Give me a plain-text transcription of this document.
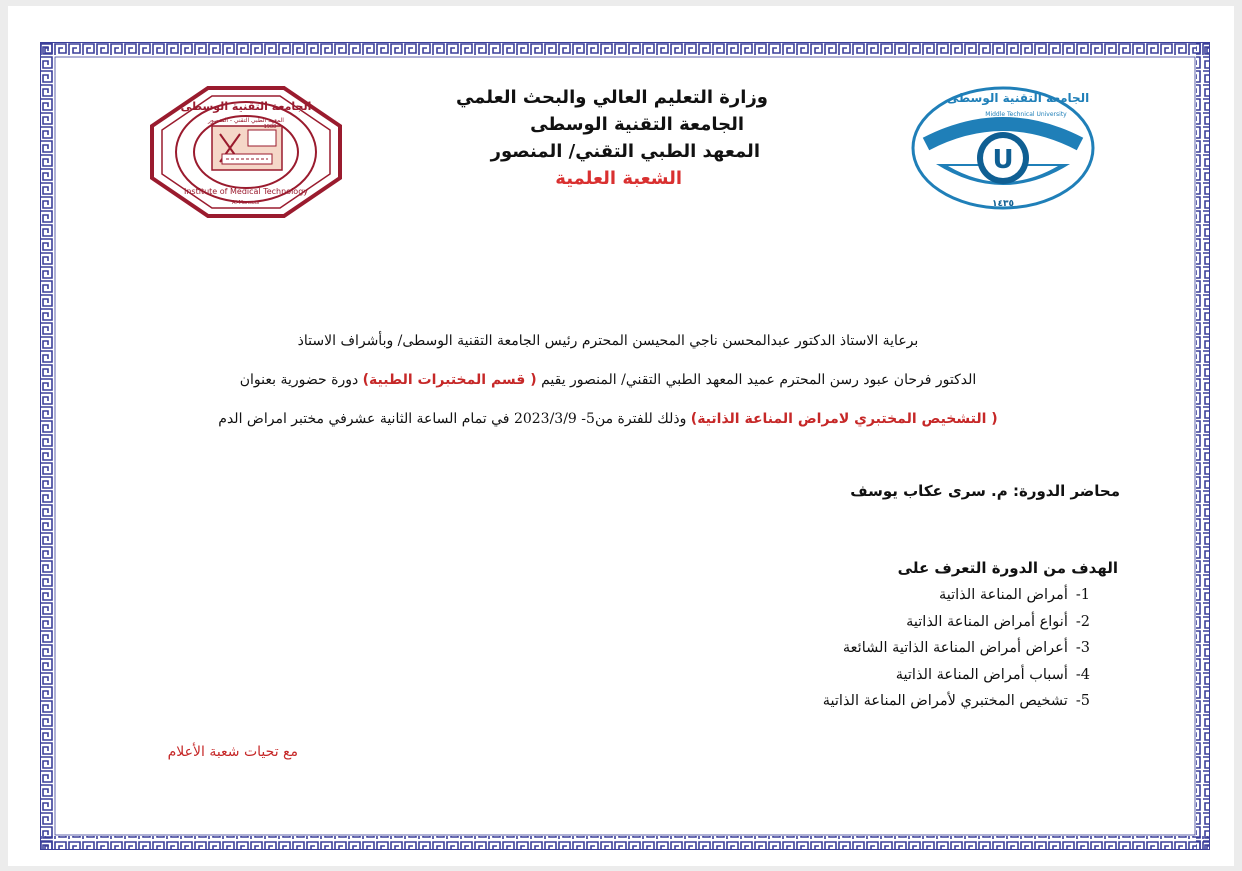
الجامعة التقنية الوسطى
المعهد الطبي التقني - المنصور
1988
Institute of Medical Technology
Al-Mansour
وزارة التعليم العالي والبحث العلمي
الجامعة التقنية الوسطى
المعهد الطبي التقني/ المنصور
الشعبة العلمية
U
الجامعة التقنية الوسطى
Middle Technical University
2014
١٤٣٥
برعاية الاستاذ الدكتور عبدالمحسن ناجي المحيسن المحترم رئيس الجامعة التقنية الوسطى/ وبأشراف الاستاذ
الدكتور فرحان عبود رسن المحترم عميد المعهد الطبي التقني/ المنصور يقيم ( قسم المختبرات الطبية) دورة حضورية بعنوان
( التشخيص المختبري لامراض المناعة الذاتية) وذلك للفترة من5- 2023/3/9 في تمام الساعة الثانية عشرفي مختبر امراض الدم
محاضر الدورة: م. سرى عكاب يوسف
الهدف من الدورة التعرف على
1-أمراض المناعة الذاتية
2-أنواع أمراض المناعة الذاتية
3-أعراض أمراض المناعة الذاتية الشائعة
4-أسباب أمراض المناعة الذاتية
5-تشخيص المختبري لأمراض المناعة الذاتية
مع تحيات شعبة الأعلام
